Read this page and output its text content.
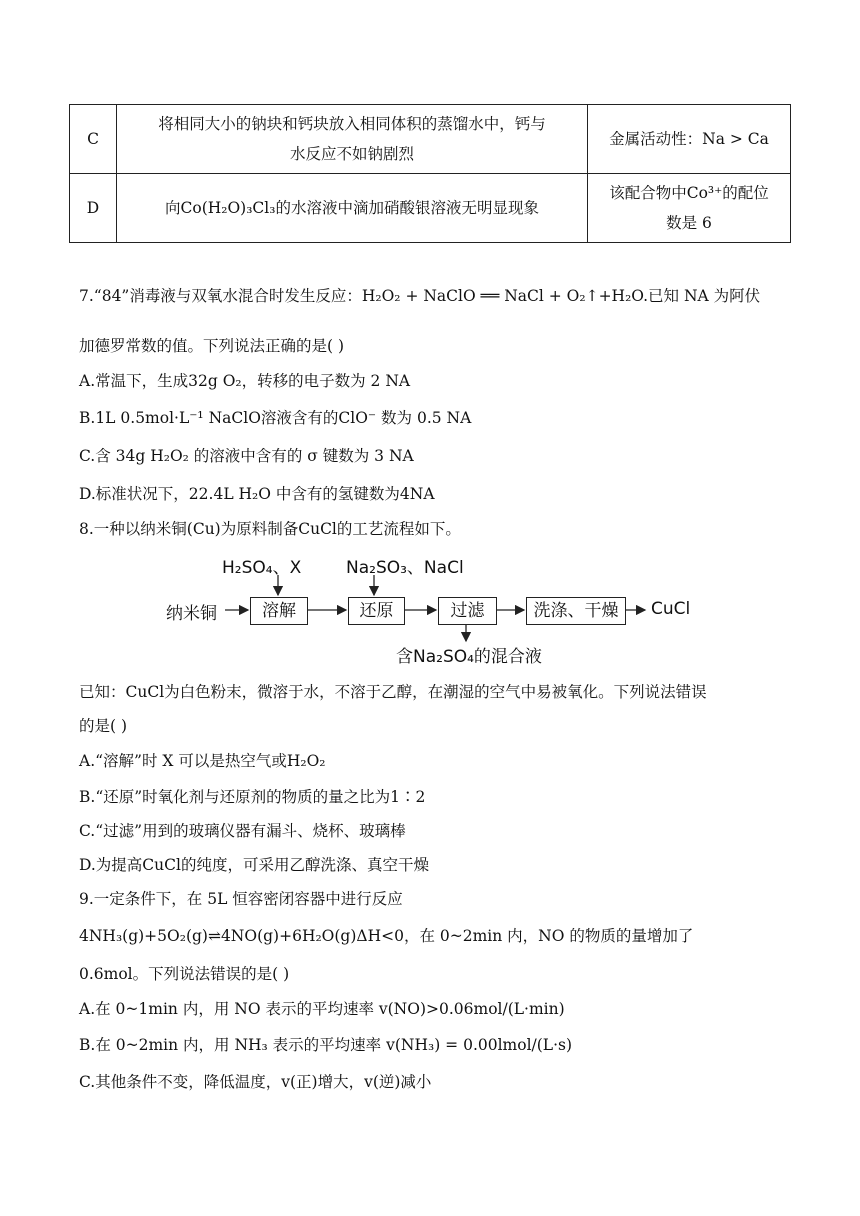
C	将相同大小的钠块和钙块放入相同体积的蒸馏水中，钙与
水反应不如钠剧烈	金属活动性：Na > Ca

D	向Co(H₂O)₃Cl₃的水溶液中滴加硝酸银溶液无明显现象	该配合物中Co³⁺的配位
数是 6
7.“84”消毒液与双氧水混合时发生反应：H₂O₂ + NaClO ══ NaCl + O₂↑+H₂O.已知 NA 为阿伏
加德罗常数的值。下列说法正确的是( )
A.常温下，生成32g O₂，转移的电子数为 2 NA
B.1L 0.5mol·L⁻¹ NaClO溶液含有的ClO⁻ 数为 0.5 NA
C.含 34g H₂O₂ 的溶液中含有的 σ 键数为 3 NA
D.标准状况下，22.4L H₂O 中含有的氢键数为4NA
8.一种以纳米铜(Cu)为原料制备CuCl的工艺流程如下。
纳米铜
H₂SO₄、X	Na₂SO₃、NaCl
溶解	还原	过滤	洗涤、干燥	CuCl
含Na₂SO₄的混合液
已知：CuCl为白色粉末，微溶于水，不溶于乙醇，在潮湿的空气中易被氧化。下列说法错误
的是( )
A.“溶解”时 X 可以是热空气或H₂O₂
B.“还原”时氧化剂与还原剂的物质的量之比为1∶2
C.“过滤”用到的玻璃仪器有漏斗、烧杯、玻璃棒
D.为提高CuCl的纯度，可采用乙醇洗涤、真空干燥
9.一定条件下，在 5L 恒容密闭容器中进行反应
4NH₃(g)+5O₂(g)⇌4NO(g)+6H₂O(g)ΔH<0，在 0~2min 内，NO 的物质的量增加了
0.6mol。下列说法错误的是( )
A.在 0~1min 内，用 NO 表示的平均速率 v(NO)>0.06mol/(L·min)
B.在 0~2min 内，用 NH₃ 表示的平均速率 v(NH₃) = 0.00lmol/(L·s)
C.其他条件不变，降低温度，v(正)增大，v(逆)减小
